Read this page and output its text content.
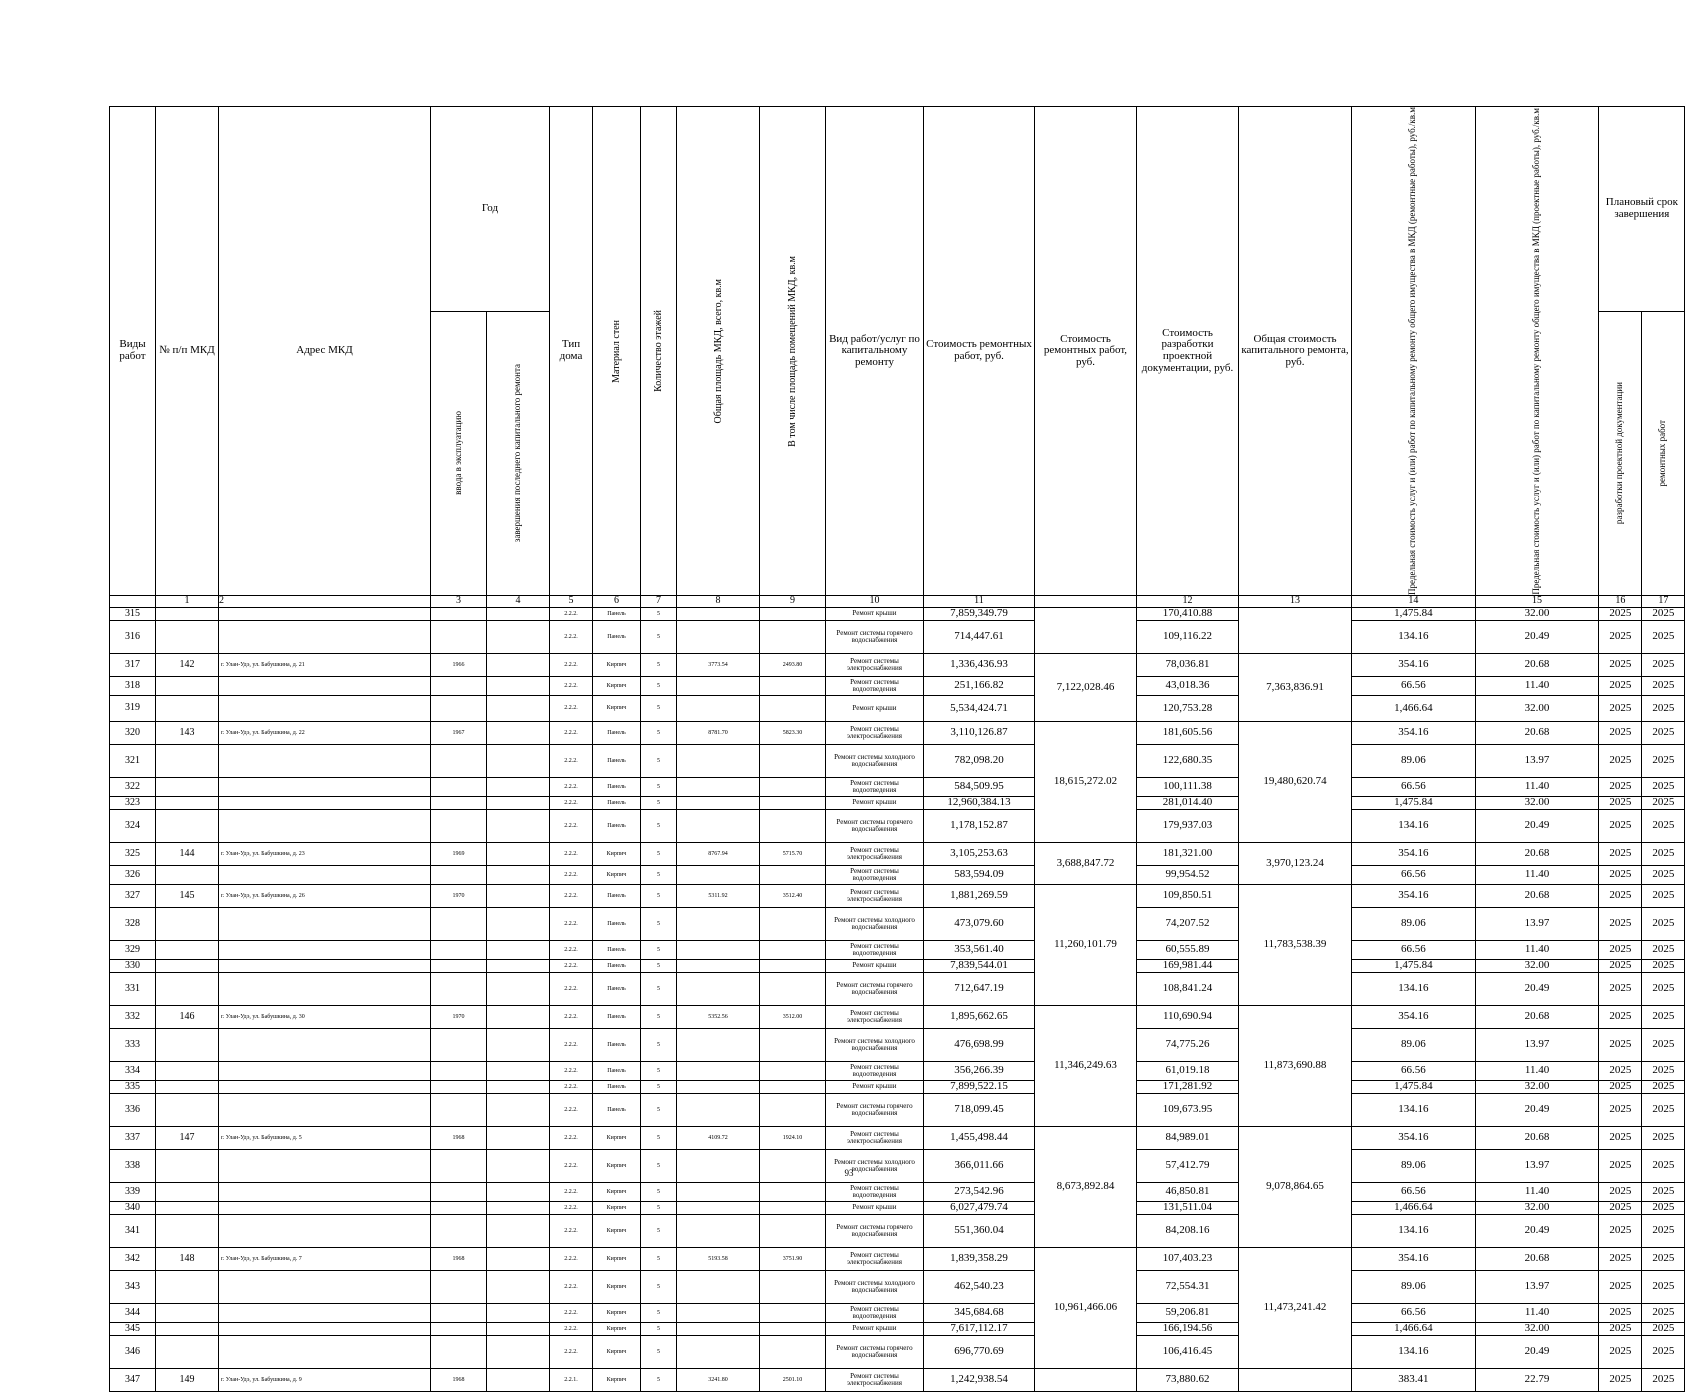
Виды работ	№ п/п МКД	Адрес МКД	Год		Тип дома	Материал стен	Количество этажей	Общая площадь МКД, всего, кв.м	В том числе площадь помещений МКД, кв.м	Вид работ/услуг по капитальному ремонту	Стоимость ремонтных работ, руб.	Стоимость ремонтных работ, руб.	Стоимость разработки проектной документации, руб.	Общая стоимость капитального ремонта, руб.	Предельная стоимость услуг и (или) работ по капитальному ремонту общего имущества в МКД (ремонтные работы), руб./кв.м	Предельная стоимость услуг и (или) работ по капитальному ремонту общего имущества в МКД (проектные работы), руб./кв.м	Плановый срок завершения	

			ввода в эксплуатацию	завершения последнего капитального ремонта													разработки проектной документации	ремонтных работ

	1	2	3	4	5	6	7	8	9	10	11		12	13	14	15	16	17
315					2.2.2.	Панель	5			Ремонт крыши	7,859,349.79		170,410.88		1,475.84	32.00	2025	2025
316					2.2.2.	Панель	5			Ремонт системы горячего водоснабжения	714,447.61		109,116.22		134.16	20.49	2025	2025
317	142	г. Улан-Удэ, ул. Бабушкина, д. 21	1966		2.2.2.	Кирпич	5	3773.54	2493.80	Ремонт системы электроснабжения	1,336,436.93	7,122,028.46	78,036.81	7,363,836.91	354.16	20.68	2025	2025
318					2.2.2.	Кирпич	5			Ремонт системы водоотведения	251,166.82		43,018.36		66.56	11.40	2025	2025
319					2.2.2.	Кирпич	5			Ремонт крыши	5,534,424.71		120,753.28		1,466.64	32.00	2025	2025
320	143	г. Улан-Удэ, ул. Бабушкина, д. 22	1967		2.2.2.	Панель	5	8781.70	5823.30	Ремонт системы электроснабжения	3,110,126.87	18,615,272.02	181,605.56	19,480,620.74	354.16	20.68	2025	2025
321					2.2.2.	Панель	5			Ремонт системы холодного водоснабжения	782,098.20		122,680.35		89.06	13.97	2025	2025
322					2.2.2.	Панель	5			Ремонт системы водоотведения	584,509.95		100,111.38		66.56	11.40	2025	2025
323					2.2.2.	Панель	5			Ремонт крыши	12,960,384.13		281,014.40		1,475.84	32.00	2025	2025
324					2.2.2.	Панель	5			Ремонт системы горячего водоснабжения	1,178,152.87		179,937.03		134.16	20.49	2025	2025
325	144	г. Улан-Удэ, ул. Бабушкина, д. 23	1969		2.2.2.	Кирпич	5	8767.94	5715.70	Ремонт системы электроснабжения	3,105,253.63	3,688,847.72	181,321.00	3,970,123.24	354.16	20.68	2025	2025
326					2.2.2.	Кирпич	5			Ремонт системы водоотведения	583,594.09		99,954.52		66.56	11.40	2025	2025
327	145	г. Улан-Удэ, ул. Бабушкина, д. 26	1970		2.2.2.	Панель	5	5311.92	3512.40	Ремонт системы электроснабжения	1,881,269.59	11,260,101.79	109,850.51	11,783,538.39	354.16	20.68	2025	2025
328					2.2.2.	Панель	5			Ремонт системы холодного водоснабжения	473,079.60		74,207.52		89.06	13.97	2025	2025
329					2.2.2.	Панель	5			Ремонт системы водоотведения	353,561.40		60,555.89		66.56	11.40	2025	2025
330					2.2.2.	Панель	5			Ремонт крыши	7,839,544.01		169,981.44		1,475.84	32.00	2025	2025
331					2.2.2.	Панель	5			Ремонт системы горячего водоснабжения	712,647.19		108,841.24		134.16	20.49	2025	2025
332	146	г. Улан-Удэ, ул. Бабушкина, д. 30	1970		2.2.2.	Панель	5	5352.56	3512.00	Ремонт системы электроснабжения	1,895,662.65	11,346,249.63	110,690.94	11,873,690.88	354.16	20.68	2025	2025
333					2.2.2.	Панель	5			Ремонт системы холодного водоснабжения	476,698.99		74,775.26		89.06	13.97	2025	2025
334					2.2.2.	Панель	5			Ремонт системы водоотведения	356,266.39		61,019.18		66.56	11.40	2025	2025
335					2.2.2.	Панель	5			Ремонт крыши	7,899,522.15		171,281.92		1,475.84	32.00	2025	2025
336					2.2.2.	Панель	5			Ремонт системы горячего водоснабжения	718,099.45		109,673.95		134.16	20.49	2025	2025
337	147	г. Улан-Удэ, ул. Бабушкина, д. 5	1968		2.2.2.	Кирпич	5	4109.72	1924.10	Ремонт системы электроснабжения	1,455,498.44	8,673,892.84	84,989.01	9,078,864.65	354.16	20.68	2025	2025
338					2.2.2.	Кирпич	5			Ремонт системы холодного водоснабжения	366,011.66		57,412.79		89.06	13.97	2025	2025
339					2.2.2.	Кирпич	5			Ремонт системы водоотведения	273,542.96		46,850.81		66.56	11.40	2025	2025
340					2.2.2.	Кирпич	5			Ремонт крыши	6,027,479.74		131,511.04		1,466.64	32.00	2025	2025
341					2.2.2.	Кирпич	5			Ремонт системы горячего водоснабжения	551,360.04		84,208.16		134.16	20.49	2025	2025
342	148	г. Улан-Удэ, ул. Бабушкина, д. 7	1968		2.2.2.	Кирпич	5	5193.58	3751.90	Ремонт системы электроснабжения	1,839,358.29	10,961,466.06	107,403.23	11,473,241.42	354.16	20.68	2025	2025
343					2.2.2.	Кирпич	5			Ремонт системы холодного водоснабжения	462,540.23		72,554.31		89.06	13.97	2025	2025
344					2.2.2.	Кирпич	5			Ремонт системы водоотведения	345,684.68		59,206.81		66.56	11.40	2025	2025
345					2.2.2.	Кирпич	5			Ремонт крыши	7,617,112.17		166,194.56		1,466.64	32.00	2025	2025
346					2.2.2.	Кирпич	5			Ремонт системы горячего водоснабжения	696,770.69		106,416.45		134.16	20.49	2025	2025
347	149	г. Улан-Удэ, ул. Бабушкина, д. 9	1968		2.2.1.	Кирпич	5	3241.80	2501.10	Ремонт системы электроснабжения	1,242,938.54		73,880.62		383.41	22.79	2025	2025
93
